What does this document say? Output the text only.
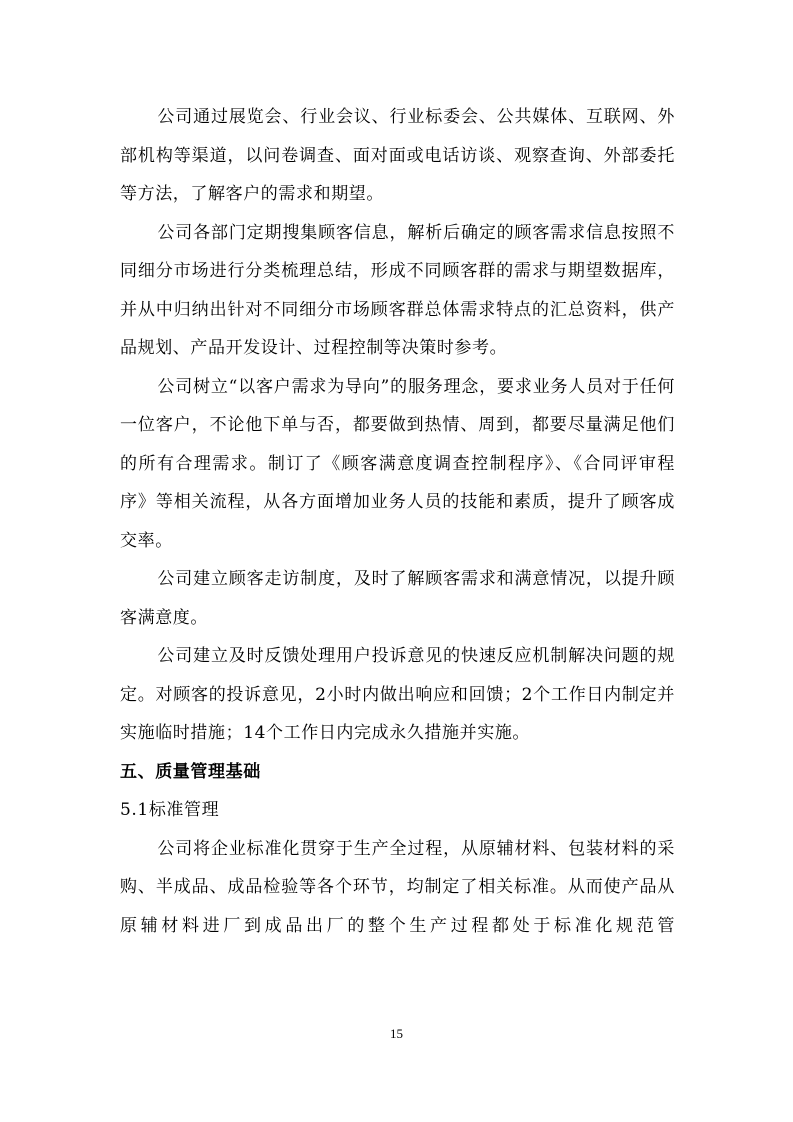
公司通过展览会、行业会议、行业标委会、公共媒体、互联网、外部机构等渠道，以问卷调查、面对面或电话访谈、观察查询、外部委托等方法，了解客户的需求和期望。

公司各部门定期搜集顾客信息，解析后确定的顾客需求信息按照不同细分市场进行分类梳理总结，形成不同顾客群的需求与期望数据库，并从中归纳出针对不同细分市场顾客群总体需求特点的汇总资料，供产品规划、产品开发设计、过程控制等决策时参考。

公司树立“以客户需求为导向”的服务理念，要求业务人员对于任何一位客户，不论他下单与否，都要做到热情、周到，都要尽量满足他们的所有合理需求。制订了《顾客满意度调查控制程序》、《合同评审程序》等相关流程，从各方面增加业务人员的技能和素质，提升了顾客成交率。

公司建立顾客走访制度，及时了解顾客需求和满意情况，以提升顾客满意度。

公司建立及时反馈处理用户投诉意见的快速反应机制解决问题的规定。对顾客的投诉意见，2小时内做出响应和回馈；2个工作日内制定并实施临时措施；14个工作日内完成永久措施并实施。

五、质量管理基础

5.1标准管理

公司将企业标准化贯穿于生产全过程，从原辅材料、包装材料的采购、半成品、成品检验等各个环节，均制定了相关标准。从而使产品从原辅材料进厂到成品出厂的整个生产过程都处于标准化规范管

15
